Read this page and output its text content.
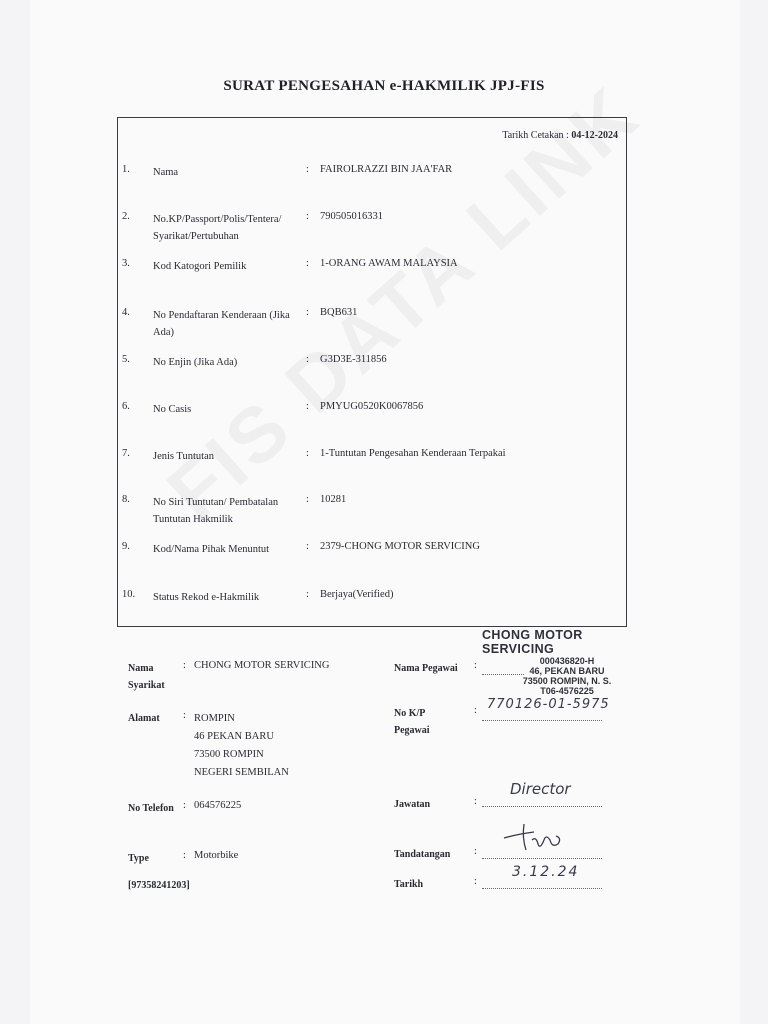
SURAT PENGESAHAN e-HAKMILIK JPJ-FIS
Tarikh Cetakan : 04-12-2024
1. Nama	: FAIROLRAZZI BIN JAA'FAR
2. No.KP/Passport/Polis/Tentera/ Syarikat/Pertubuhan
: 790505016331
3. Kod Katogori Pemilik	: 1-ORANG AWAM MALAYSIA
4. No Pendaftaran Kenderaan (Jika Ada)
: BQB631
5. No Enjin (Jika Ada)	: G3D3E-311856
6. No Casis	: PMYUG0520K0067856
7. Jenis Tuntutan	: 1-Tuntutan Pengesahan Kenderaan Terpakai
8. No Siri Tuntutan/ Pembatalan Tuntutan Hakmilik
: 10281
9. Kod/Nama Pihak Menuntut	: 2379-CHONG MOTOR SERVICING
10. Status Rekod e-Hakmilik	: Berjaya(Verified)
CHONG MOTOR SERVICING
000436820-H
46, PEKAN BARU
73500 ROMPIN, N. S.
T06-4576225
Nama Syarikat
: CHONG MOTOR SERVICING
Alamat : ROMPIN
46 PEKAN BARU
73500 ROMPIN
NEGERI SEMBILAN
No Telefon : 064576225
Type	: Motorbike
[97358241203]
Nama Pegawai :
No K/P Pegawai
: 770126-01-5975
Jawatan	:
Director
Tandatangan :
Tarikh	:
3.12.24
